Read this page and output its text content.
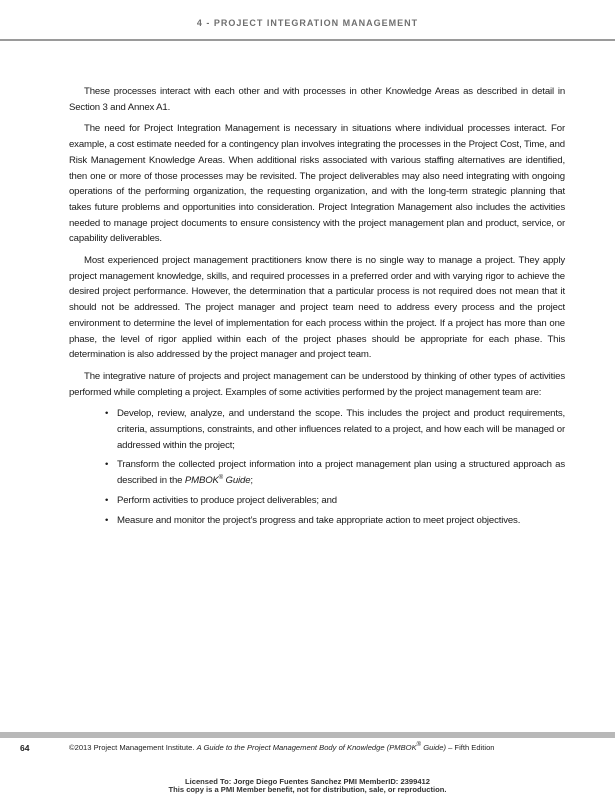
4 - PROJECT INTEGRATION MANAGEMENT

These processes interact with each other and with processes in other Knowledge Areas as described in detail in Section 3 and Annex A1.

The need for Project Integration Management is necessary in situations where individual processes interact. For example, a cost estimate needed for a contingency plan involves integrating the processes in the Project Cost, Time, and Risk Management Knowledge Areas. When additional risks associated with various staffing alternatives are identified, then one or more of those processes may be revisited. The project deliverables may also need integrating with ongoing operations of the performing organization, the requesting organization, and with the long-term strategic planning that takes future problems and opportunities into consideration. Project Integration Management also includes the activities needed to manage project documents to ensure consistency with the project management plan and product, service, or capability deliverables.

Most experienced project management practitioners know there is no single way to manage a project. They apply project management knowledge, skills, and required processes in a preferred order and with varying rigor to achieve the desired project performance. However, the determination that a particular process is not required does not mean that it should not be addressed. The project manager and project team need to address every process and the project environment to determine the level of implementation for each process within the project. If a project has more than one phase, the level of rigor applied within each of the project phases should be appropriate for each phase. This determination is also addressed by the project manager and project team.

The integrative nature of projects and project management can be understood by thinking of other types of activities performed while completing a project. Examples of some activities performed by the project management team are:

• Develop, review, analyze, and understand the scope. This includes the project and product requirements, criteria, assumptions, constraints, and other influences related to a project, and how each will be managed or addressed within the project;
• Transform the collected project information into a project management plan using a structured approach as described in the PMBOK® Guide;
• Perform activities to produce project deliverables; and
• Measure and monitor the project’s progress and take appropriate action to meet project objectives.
64	©2013 Project Management Institute. A Guide to the Project Management Body of Knowledge (PMBOK® Guide) – Fifth Edition
Licensed To: Jorge Diego Fuentes Sanchez PMI MemberID: 2399412
This copy is a PMI Member benefit, not for distribution, sale, or reproduction.
